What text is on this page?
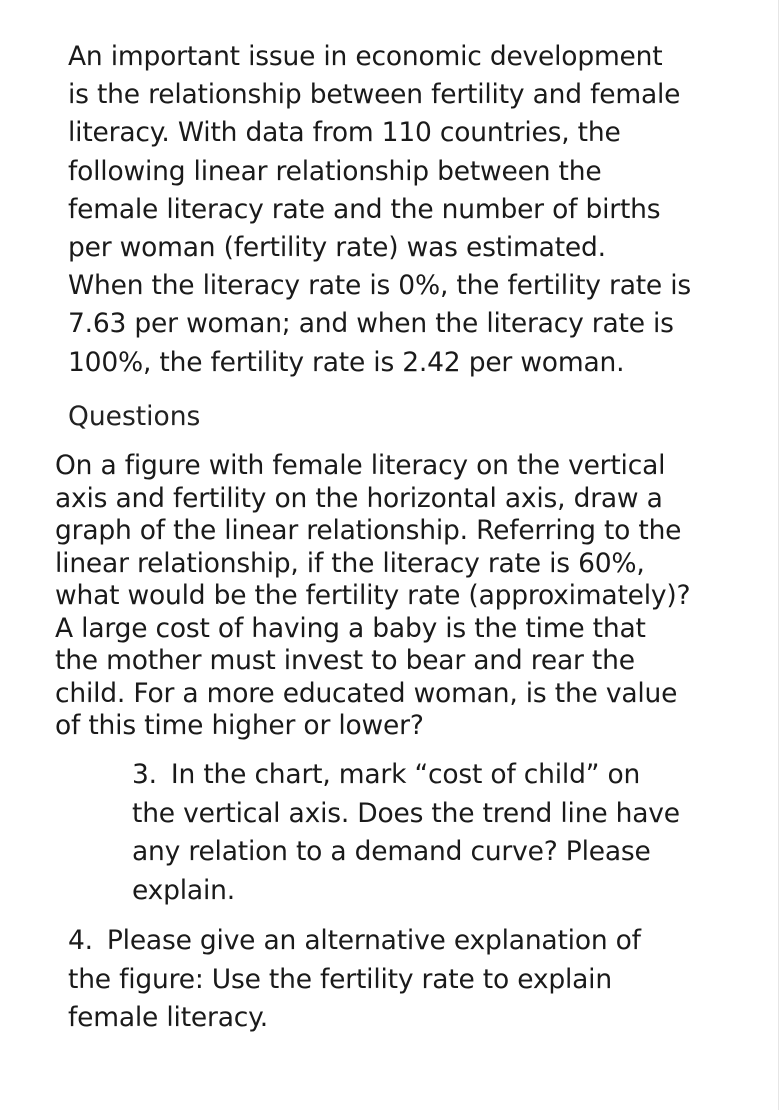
An important issue in economic development
is the relationship between fertility and female
literacy. With data from 110 countries, the
following linear relationship between the
female literacy rate and the number of births
per woman (fertility rate) was estimated.
When the literacy rate is 0%, the fertility rate is
7.63 per woman; and when the literacy rate is
100%, the fertility rate is 2.42 per woman.
Questions
On a figure with female literacy on the vertical
axis and fertility on the horizontal axis, draw a
graph of the linear relationship. Referring to the
linear relationship, if the literacy rate is 60%,
what would be the fertility rate (approximately)?
A large cost of having a baby is the time that
the mother must invest to bear and rear the
child. For a more educated woman, is the value
of this time higher or lower?
3. In the chart, mark “cost of child” on
the vertical axis. Does the trend line have
any relation to a demand curve? Please
explain.
4. Please give an alternative explanation of
the figure: Use the fertility rate to explain
female literacy.
